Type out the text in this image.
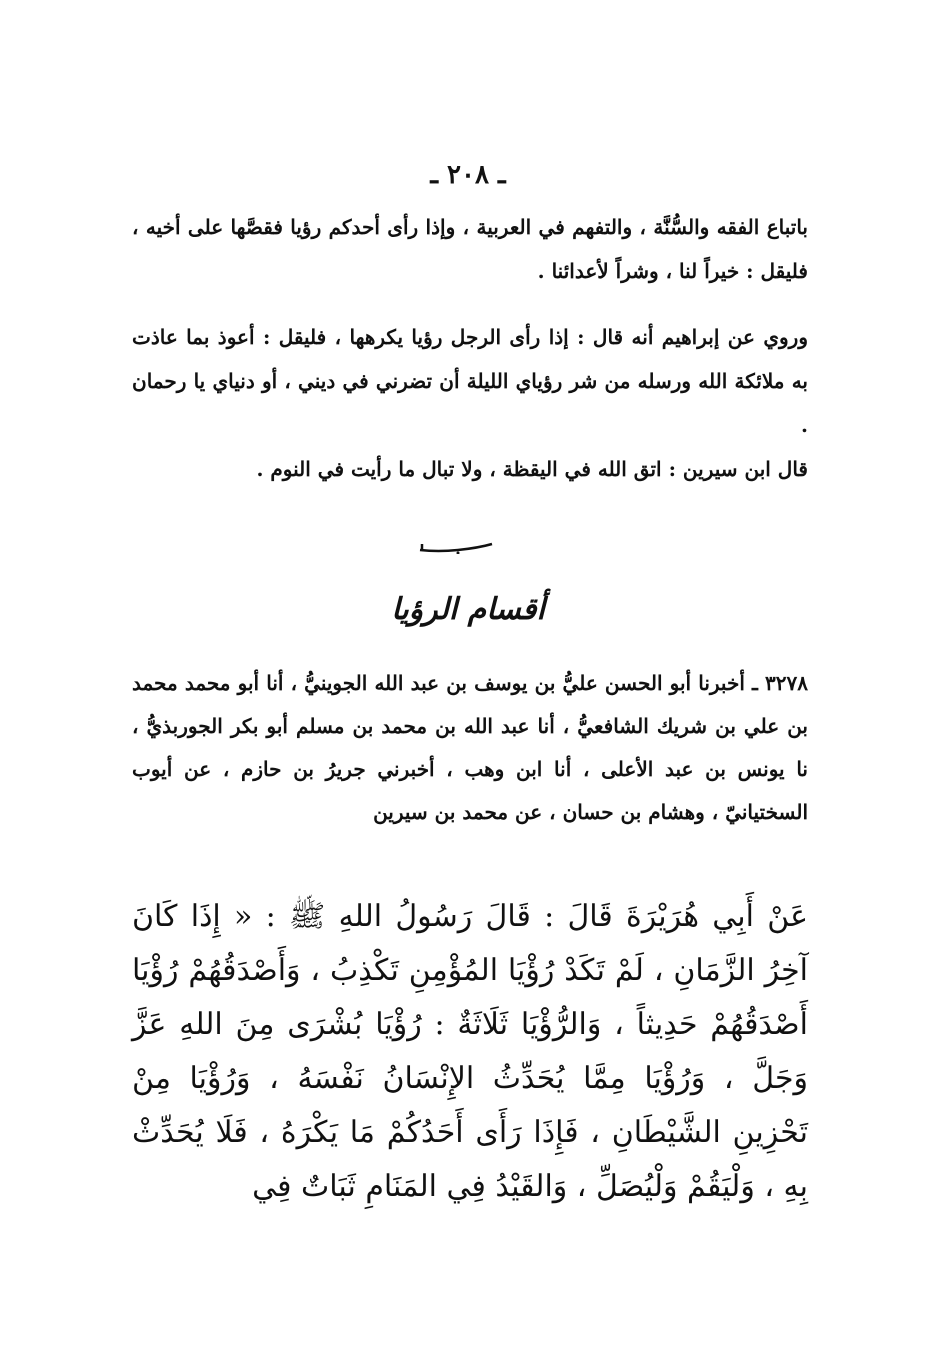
ـ ٢٠٨ ـ

باتباع الفقه والسُّنَّة ، والتفهم في العربية ، وإذا رأى أحدكم رؤيا فقصَّها على أخيه ، فليقل : خيراً لنا ، وشراً لأعدائنا .

وروي عن إبراهيم أنه قال : إذا رأى الرجل رؤيا يكرهها ، فليقل : أعوذ بما عاذت به ملائكة الله ورسله من شر رؤياي الليلة أن تضرني في ديني ، أو دنياي يا رحمان .

قال ابن سيرين : اتق الله في اليقظة ، ولا تبال ما رأيت في النوم .

أقسام الرؤيا

٣٢٧٨ ـ أخبرنا أبو الحسن عليُّ بن يوسف بن عبد الله الجوينيُّ ، أنا أبو محمد محمد بن علي بن شريك الشافعيُّ ، أنا عبد الله بن محمد بن مسلم أبو بكر الجوربذيُّ ، نا يونس بن عبد الأعلى ، أنا ابن وهب ، أخبرني جريرُ بن حازم ، عن أيوب السختيانيّ ، وهشام بن حسان ، عن محمد بن سيرين

عَنْ أَبِي هُرَيْرَةَ قَالَ : قَالَ رَسُولُ اللهِ ﷺ : « إِذَا كَانَ آخِرُ الزَّمَانِ ، لَمْ تَكَدْ رُؤْيَا المُؤْمِنِ تَكْذِبُ ، وَأَصْدَقُهُمْ رُؤْيَا أَصْدَقُهُمْ حَدِيثاً ، وَالرُّؤْيَا ثَلَاثَةٌ : رُؤْيَا بُشْرَى مِنَ اللهِ عَزَّ وَجَلَّ ، وَرُؤْيَا مِمَّا يُحَدِّثُ الإِنْسَانُ نَفْسَهُ ، وَرُؤْيَا مِنْ تَحْزِينِ الشَّيْطَانِ ، فَإِذَا رَأَى أَحَدُكُمْ مَا يَكْرَهُ ، فَلَا يُحَدِّثْ بِهِ ، وَلْيَقُمْ وَلْيُصَلِّ ، وَالقَيْدُ فِي المَنَامِ ثَبَاتٌ فِي
